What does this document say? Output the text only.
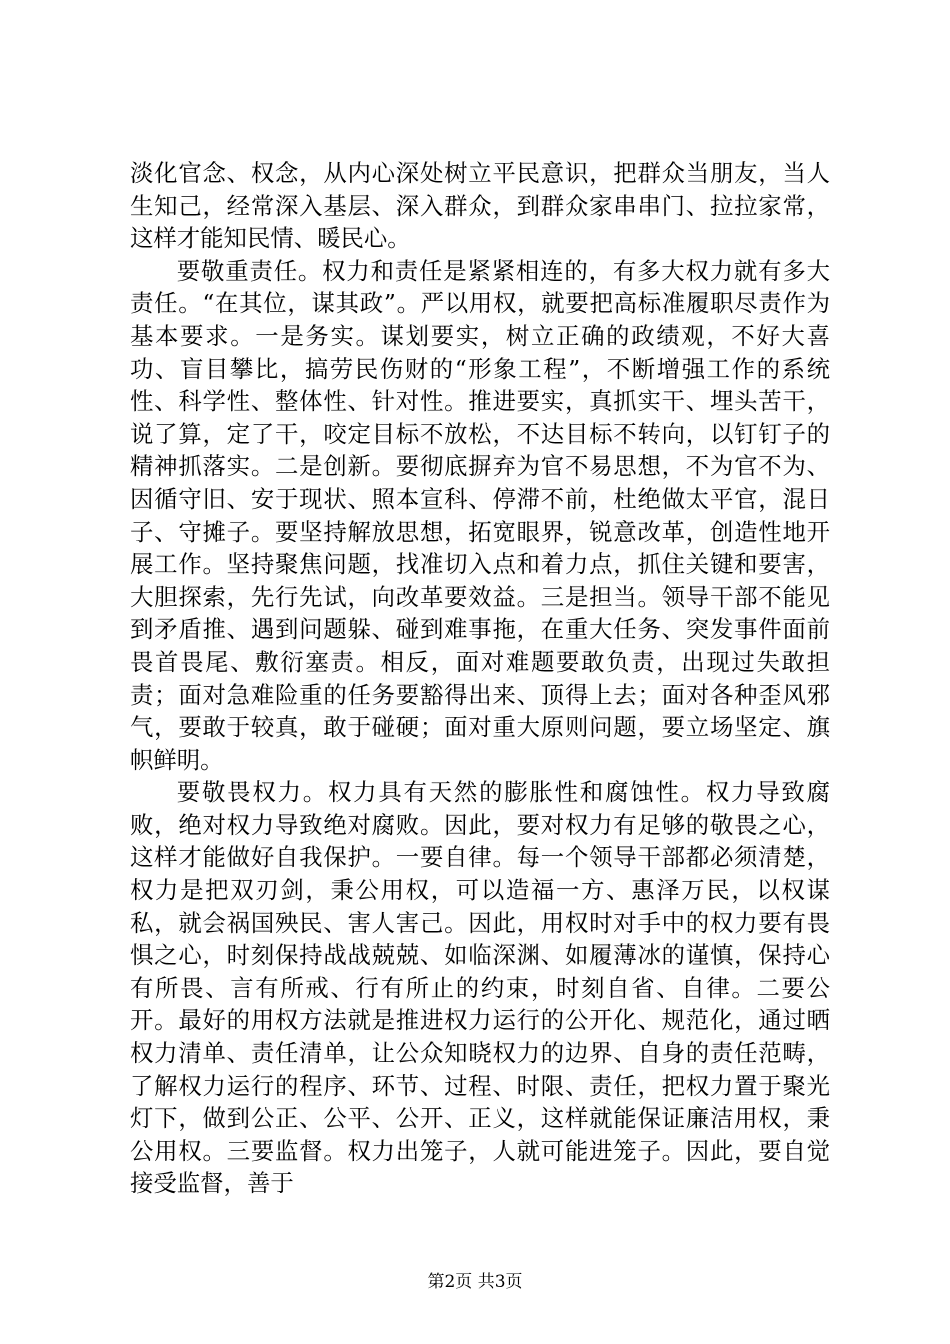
淡化官念、权念，从内心深处树立平民意识，把群众当朋友，当人生知己，经常深入基层、深入群众，到群众家串串门、拉拉家常，这样才能知民情、暖民心。

要敬重责任。权力和责任是紧紧相连的，有多大权力就有多大责任。“在其位，谋其政”。严以用权，就要把高标准履职尽责作为基本要求。一是务实。谋划要实，树立正确的政绩观，不好大喜功、盲目攀比，搞劳民伤财的“形象工程”，不断增强工作的系统性、科学性、整体性、针对性。推进要实，真抓实干、埋头苦干，说了算，定了干，咬定目标不放松，不达目标不转向，以钉钉子的精神抓落实。二是创新。要彻底摒弃为官不易思想，不为官不为、因循守旧、安于现状、照本宣科、停滞不前，杜绝做太平官，混日子、守摊子。要坚持解放思想，拓宽眼界，锐意改革，创造性地开展工作。坚持聚焦问题，找准切入点和着力点，抓住关键和要害，大胆探索，先行先试，向改革要效益。三是担当。领导干部不能见到矛盾推、遇到问题躲、碰到难事拖，在重大任务、突发事件面前畏首畏尾、敷衍塞责。相反，面对难题要敢负责，出现过失敢担责；面对急难险重的任务要豁得出来、顶得上去；面对各种歪风邪气，要敢于较真，敢于碰硬；面对重大原则问题，要立场坚定、旗帜鲜明。

要敬畏权力。权力具有天然的膨胀性和腐蚀性。权力导致腐败，绝对权力导致绝对腐败。因此，要对权力有足够的敬畏之心，这样才能做好自我保护。一要自律。每一个领导干部都必须清楚，权力是把双刃剑，秉公用权，可以造福一方、惠泽万民，以权谋私，就会祸国殃民、害人害己。因此，用权时对手中的权力要有畏惧之心，时刻保持战战兢兢、如临深渊、如履薄冰的谨慎，保持心有所畏、言有所戒、行有所止的约束，时刻自省、自律。二要公开。最好的用权方法就是推进权力运行的公开化、规范化，通过晒权力清单、责任清单，让公众知晓权力的边界、自身的责任范畴，了解权力运行的程序、环节、过程、时限、责任，把权力置于聚光灯下，做到公正、公平、公开、正义，这样就能保证廉洁用权，秉公用权。三要监督。权力出笼子，人就可能进笼子。因此，要自觉接受监督，善于

第2页 共3页
